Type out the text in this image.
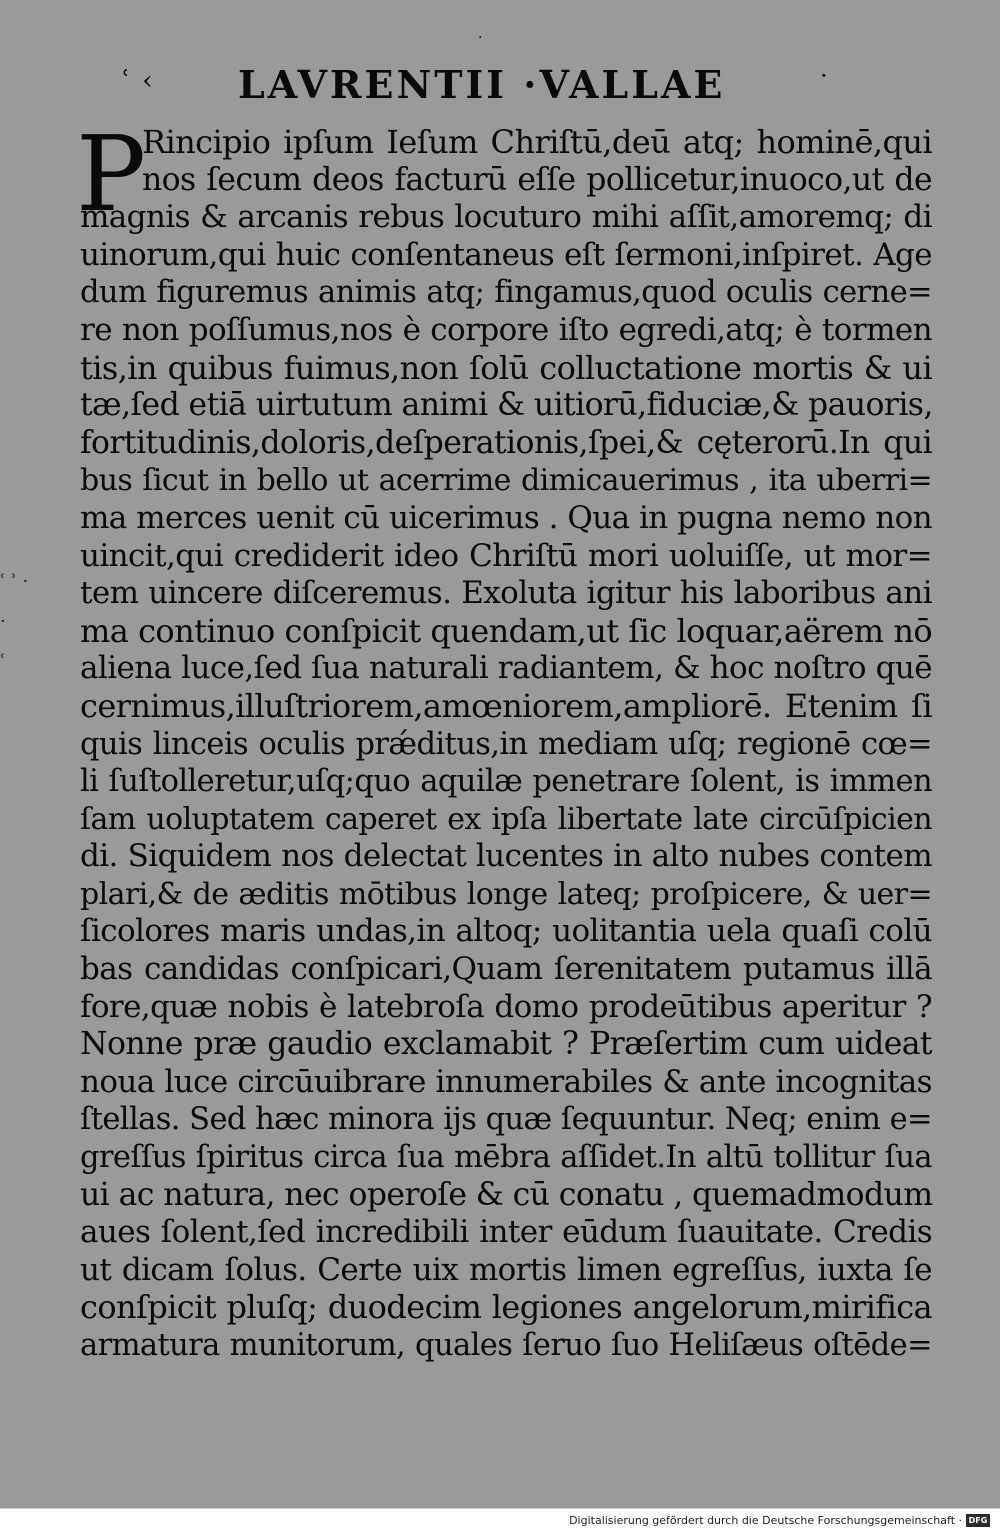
·
ʿ ‹ LAVRENTII ·VALLAE	·
P
ʿ ʾ ·
·
ʿ
Rincipio ipſum Ieſum Chriſtū,deū atq; hominē,qui
nos ſecum deos facturū eſſe pollicetur,inuoco,ut de
magnis & arcanis rebus locuturo mihi aſſit,amoremq; di
uinorum,qui huic conſentaneus eſt ſermoni,inſpiret. Age
dum figuremus animis atq; fingamus,quod oculis cerne=
re non poſſumus,nos è corpore iſto egredi,atq; è tormen
tis,in quibus fuimus,non ſolū colluctatione mortis & ui
tæ,ſed etiā uirtutum animi & uitiorū,fiduciæ,& pauoris,
fortitudinis,doloris,deſperationis,ſpei,& cęterorū.In qui
bus ſicut in bello ut acerrime dimicauerimus , ita uberri=
ma merces uenit cū uicerimus . Qua in pugna nemo non
uincit,qui crediderit ideo Chriſtū mori uoluiſſe, ut mor=
tem uincere diſceremus. Exoluta igitur his laboribus ani
ma continuo conſpicit quendam,ut ſic loquar,aërem nō
aliena luce,ſed ſua naturali radiantem, & hoc noſtro quē
cernimus,illuſtriorem,amœniorem,ampliorē. Etenim ſi
quis linceis oculis prǽditus,in mediam uſq; regionē cœ=
li ſuſtolleretur,uſq;quo aquilæ penetrare ſolent, is immen
ſam uoluptatem caperet ex ipſa libertate late circūſpicien
di. Siquidem nos delectat lucentes in alto nubes contem
plari,& de æditis mōtibus longe lateq; proſpicere, & uer=
ſicolores maris undas,in altoq; uolitantia uela quaſi colū
bas candidas conſpicari,Quam ſerenitatem putamus illā
fore,quæ nobis è latebroſa domo prodeūtibus aperitur ?
Nonne præ gaudio exclamabit ? Præſertim cum uideat
noua luce circūuibrare innumerabiles & ante incognitas
ſtellas. Sed hæc minora ijs quæ ſequuntur. Neq; enim e=
greſſus ſpiritus circa ſua mēbra aſſidet.In altū tollitur ſua
ui ac natura, nec operoſe & cū conatu , quemadmodum
aues ſolent,ſed incredibili inter eūdum ſuauitate. Credis
ut dicam ſolus. Certe uix mortis limen egreſſus, iuxta ſe
conſpicit pluſq; duodecim legiones angelorum,mirifica
armatura munitorum, quales ſeruo ſuo Heliſæus oſtēde=
Digitalisierung gefördert durch die Deutsche Forschungsgemeinschaft · DFG
